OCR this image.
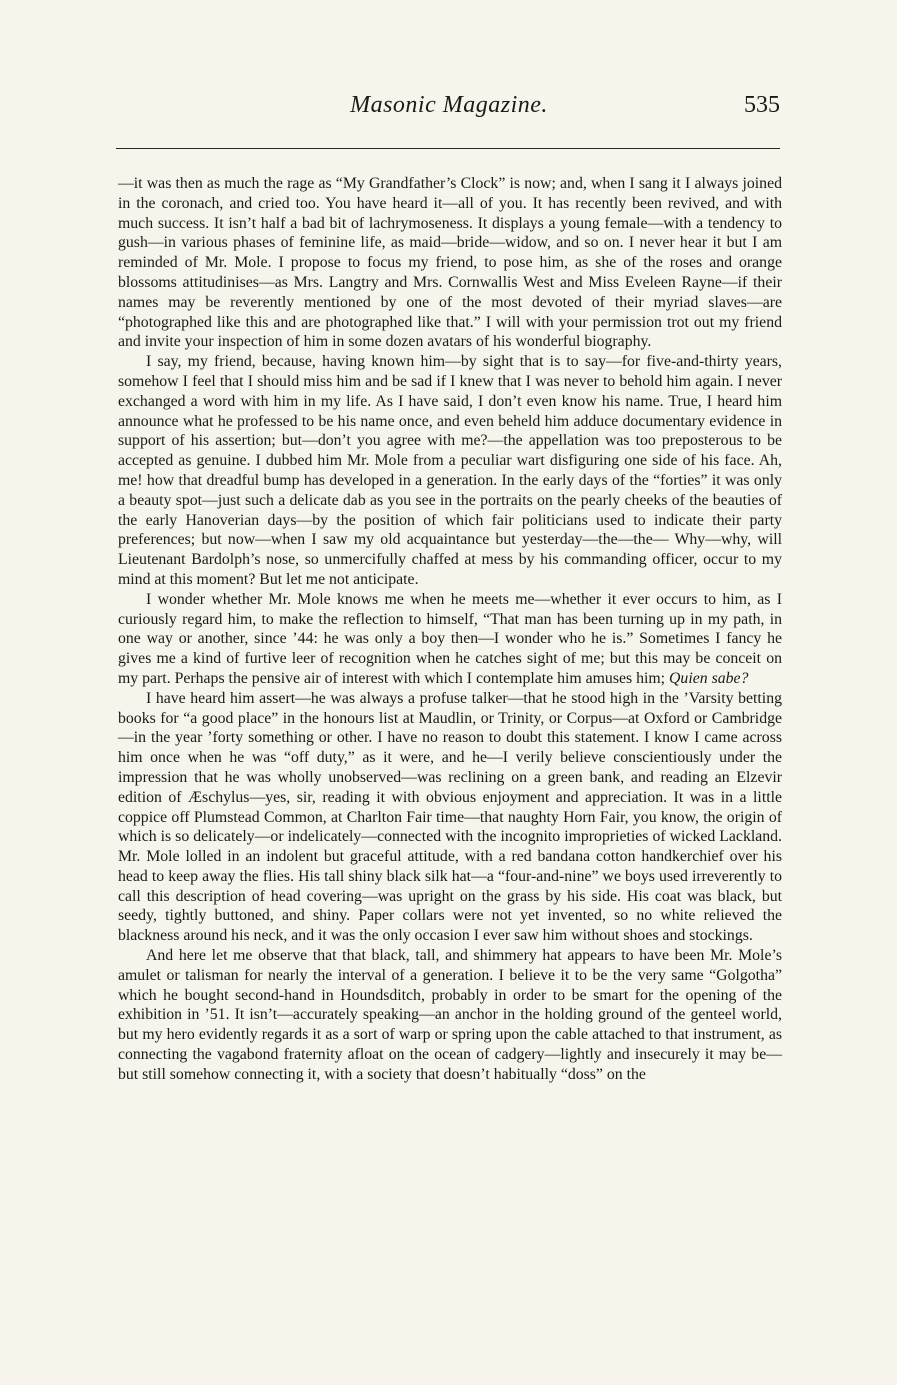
Masonic Magazine.	535

—it was then as much the rage as “My Grandfather’s Clock” is now; and, when I sang it I always joined in the coronach, and cried too. You have heard it—all of you. It has recently been revived, and with much success. It isn’t half a bad bit of lachrymoseness. It displays a young female—with a tendency to gush—in various phases of feminine life, as maid—bride—widow, and so on. I never hear it but I am reminded of Mr. Mole. I propose to focus my friend, to pose him, as she of the roses and orange blossoms attitudinises—as Mrs. Langtry and Mrs. Cornwallis West and Miss Eveleen Rayne—if their names may be reverently mentioned by one of the most devoted of their myriad slaves—are “photographed like this and are photographed like that.” I will with your permission trot out my friend and invite your inspection of him in some dozen avatars of his wonderful biography.

I say, my friend, because, having known him—by sight that is to say—for five-and-thirty years, somehow I feel that I should miss him and be sad if I knew that I was never to behold him again. I never exchanged a word with him in my life. As I have said, I don’t even know his name. True, I heard him announce what he professed to be his name once, and even beheld him adduce documentary evidence in support of his assertion; but—don’t you agree with me?—the appellation was too preposterous to be accepted as genuine. I dubbed him Mr. Mole from a peculiar wart disfiguring one side of his face. Ah, me! how that dreadful bump has developed in a generation. In the early days of the “forties” it was only a beauty spot—just such a delicate dab as you see in the portraits on the pearly cheeks of the beauties of the early Hanoverian days—by the position of which fair politicians used to indicate their party preferences; but now—when I saw my old acquaintance but yesterday—the—the— Why—why, will Lieutenant Bardolph’s nose, so unmercifully chaffed at mess by his commanding officer, occur to my mind at this moment? But let me not anticipate.

I wonder whether Mr. Mole knows me when he meets me—whether it ever occurs to him, as I curiously regard him, to make the reflection to himself, “That man has been turning up in my path, in one way or another, since ’44: he was only a boy then—I wonder who he is.” Sometimes I fancy he gives me a kind of furtive leer of recognition when he catches sight of me; but this may be conceit on my part. Perhaps the pensive air of interest with which I contemplate him amuses him; Quien sabe?

I have heard him assert—he was always a profuse talker—that he stood high in the ’Varsity betting books for “a good place” in the honours list at Maudlin, or Trinity, or Corpus—at Oxford or Cambridge—in the year ’forty something or other. I have no reason to doubt this statement. I know I came across him once when he was “off duty,” as it were, and he—I verily believe conscientiously under the impression that he was wholly unobserved—was reclining on a green bank, and reading an Elzevir edition of Æschylus—yes, sir, reading it with obvious enjoyment and appreciation. It was in a little coppice off Plumstead Common, at Charlton Fair time—that naughty Horn Fair, you know, the origin of which is so delicately—or indelicately—connected with the incognito improprieties of wicked Lackland. Mr. Mole lolled in an indolent but graceful attitude, with a red bandana cotton handkerchief over his head to keep away the flies. His tall shiny black silk hat—a “four-and-nine” we boys used irreverently to call this description of head covering—was upright on the grass by his side. His coat was black, but seedy, tightly buttoned, and shiny. Paper collars were not yet invented, so no white relieved the blackness around his neck, and it was the only occasion I ever saw him without shoes and stockings.

And here let me observe that that black, tall, and shimmery hat appears to have been Mr. Mole’s amulet or talisman for nearly the interval of a generation. I believe it to be the very same “Golgotha” which he bought second-hand in Houndsditch, probably in order to be smart for the opening of the exhibition in ’51. It isn’t—accurately speaking—an anchor in the holding ground of the genteel world, but my hero evidently regards it as a sort of warp or spring upon the cable attached to that instrument, as connecting the vagabond fraternity afloat on the ocean of cadgery—lightly and insecurely it may be—but still somehow connecting it, with a society that doesn’t habitually “doss” on the
